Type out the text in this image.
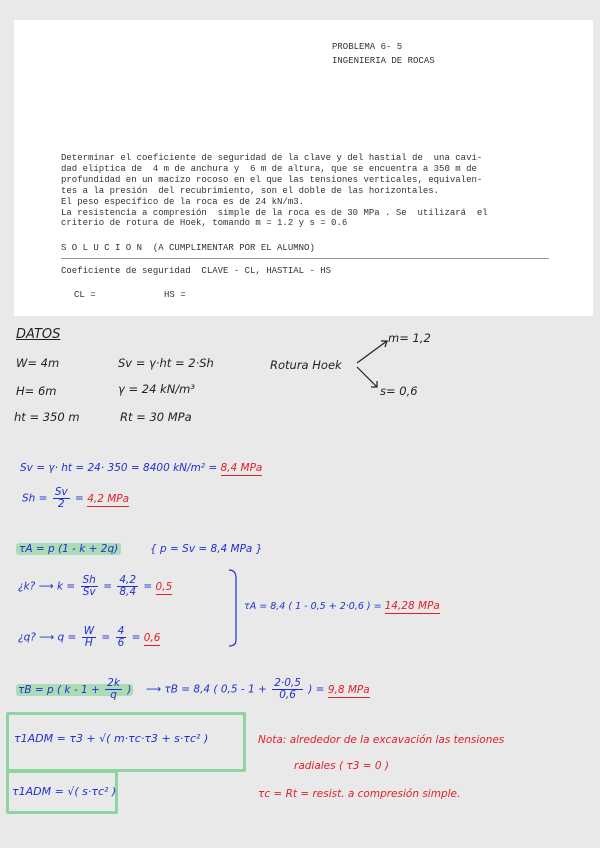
PROBLEMA 6- 5
INGENIERIA DE ROCAS
Determinar el coeficiente de seguridad de la clave y del hastial de  una cavi-
dad elíptica de  4 m de anchura y  6 m de altura, que se encuentra a 350 m de
profundidad en un macizo rocoso en el que las tensiones verticales, equivalen-
tes a la presión  del recubrimiento, son el doble de las horizontales.
El peso específico de la roca es de 24 kN/m3.
La resistencia a compresión  simple de la roca es de 30 MPa . Se  utilizará  el
criterio de rotura de Hoek, tomando m = 1.2 y s = 0.6
S O L U C I O N  (A CUMPLIMENTAR POR EL ALUMNO)
Coeficiente de seguridad  CLAVE - CL, HASTIAL - HS
CL =	HS =
DATOS
W= 4m
H= 6m
ht = 350 m
Sv = γ·ht = 2·Sh
γ = 24 kN/m³
Rt = 30 MPa
Rotura Hoek
m= 1,2
s= 0,6
Sv = γ· ht = 24· 350 = 8400 kN/m² = 8,4 MPa
$Sh = \frac{Sv}{2} = 4,2$ MPa
τA = p (1 - k + 2q)	{ p = Sv = 8,4 MPa }
¿k? ⟶ $k = \frac{Sh}{Sv} = \frac{4,2}{8,4} = 0,5$
¿q? ⟶ $q = \frac{W}{H} = \frac{4}{6} = 0,6$
τA = 8,4 ( 1 - 0,5 + 2·0,6 ) = 14,28 MPa
τB = p ( $k - 1 + \frac{2k}{q}$ ) ⟶ τB = 8,4 ( $0,5 - 1 + \frac{2\cdot 0,5}{0,6}$ ) = 9,8 MPa
τ1ADM = τ3 + √( m·τc·τ3 + s·τc² )
τ1ADM = √( s·τc² )
Nota: alrededor de la excavación las tensiones
radiales ( τ3 = 0 )
τc = Rt = resist. a compresión simple.
